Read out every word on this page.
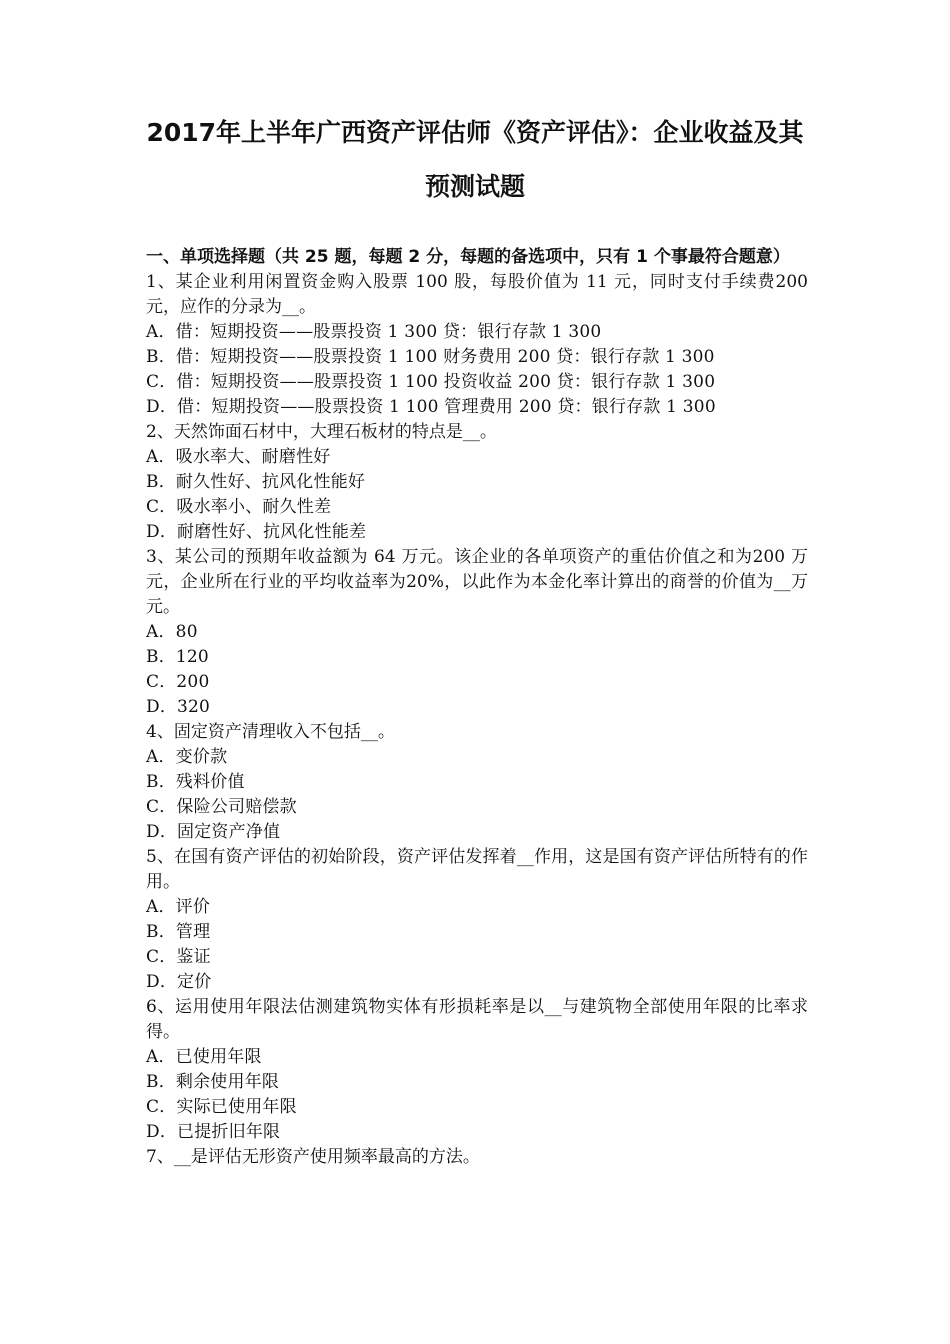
2017年上半年广西资产评估师《资产评估》：企业收益及其
预测试题
一、单项选择题（共 25 题，每题 2 分，每题的备选项中，只有 1 个事最符合题意）
1、某企业利用闲置资金购入股票 100 股，每股价值为 11 元，同时支付手续费200 元，应作的分录为__。
A．借：短期投资——股票投资 1 300 贷：银行存款 1 300
B．借：短期投资——股票投资 1 100 财务费用 200 贷：银行存款 1 300
C．借：短期投资——股票投资 1 100 投资收益 200 贷：银行存款 1 300
D．借：短期投资——股票投资 1 100 管理费用 200 贷：银行存款 1 300
2、天然饰面石材中，大理石板材的特点是__。
A．吸水率大、耐磨性好
B．耐久性好、抗风化性能好
C．吸水率小、耐久性差
D．耐磨性好、抗风化性能差
3、某公司的预期年收益额为 64 万元。该企业的各单项资产的重估价值之和为200 万元，企业所在行业的平均收益率为20%，以此作为本金化率计算出的商誉的价值为__万元。
A．80
B．120
C．200
D．320
4、固定资产清理收入不包括__。
A．变价款
B．残料价值
C．保险公司赔偿款
D．固定资产净值
5、在国有资产评估的初始阶段，资产评估发挥着__作用，这是国有资产评估所特有的作用。
A．评价
B．管理
C．鉴证
D．定价
6、运用使用年限法估测建筑物实体有形损耗率是以__与建筑物全部使用年限的比率求得。
A．已使用年限
B．剩余使用年限
C．实际已使用年限
D．已提折旧年限
7、__是评估无形资产使用频率最高的方法。
